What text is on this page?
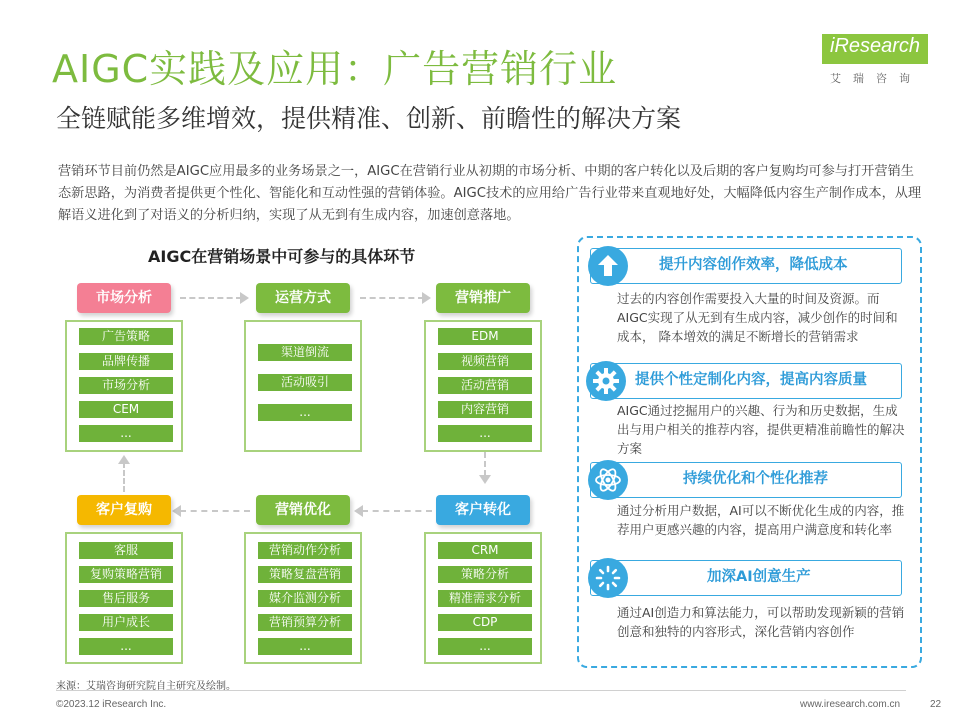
AIGC实践及应用：广告营销行业
全链赋能多维增效，提供精准、创新、前瞻性的解决方案
iResearch
艾瑞咨询
营销环节目前仍然是AIGC应用最多的业务场景之一，AIGC在营销行业从初期的市场分析、中期的客户转化以及后期的客户复购均可参与打开营销生态新思路，为消费者提供更个性化、智能化和互动性强的营销体验。AIGC技术的应用给广告行业带来直观地好处，大幅降低内容生产制作成本，从理解语义进化到了对语义的分析归纳，实现了从无到有生成内容，加速创意落地。
AIGC在营销场景中可参与的具体环节
市场分析	运营方式	营销推广
广告策略
品牌传播
市场分析
CEM
...
渠道倒流
活动吸引
...
EDM
视频营销
活动营销
内容营销
...
客户复购	营销优化	客户转化
客服
复购策略营销
售后服务
用户成长
...
营销动作分析
策略复盘营销
媒介监测分析
营销预算分析
...
CRM
策略分析
精准需求分析
CDP
...
提升内容创作效率，降低成本
过去的内容创作需要投入大量的时间及资源。而AIGC实现了从无到有生成内容，减少创作的时间和成本， 降本增效的满足不断增长的营销需求
提供个性定制化内容，提高内容质量
AIGC通过挖掘用户的兴趣、行为和历史数据，生成出与用户相关的推荐内容，提供更精准前瞻性的解决方案
持续优化和个性化推荐
通过分析用户数据，AI可以不断优化生成的内容，推荐用户更感兴趣的内容，提高用户满意度和转化率
加深AI创意生产
通过AI创造力和算法能力，可以帮助发现新颖的营销创意和独特的内容形式，深化营销内容创作
来源：艾瑞咨询研究院自主研究及绘制。
©2023.12 iResearch Inc.	www.iresearch.com.cn	22
